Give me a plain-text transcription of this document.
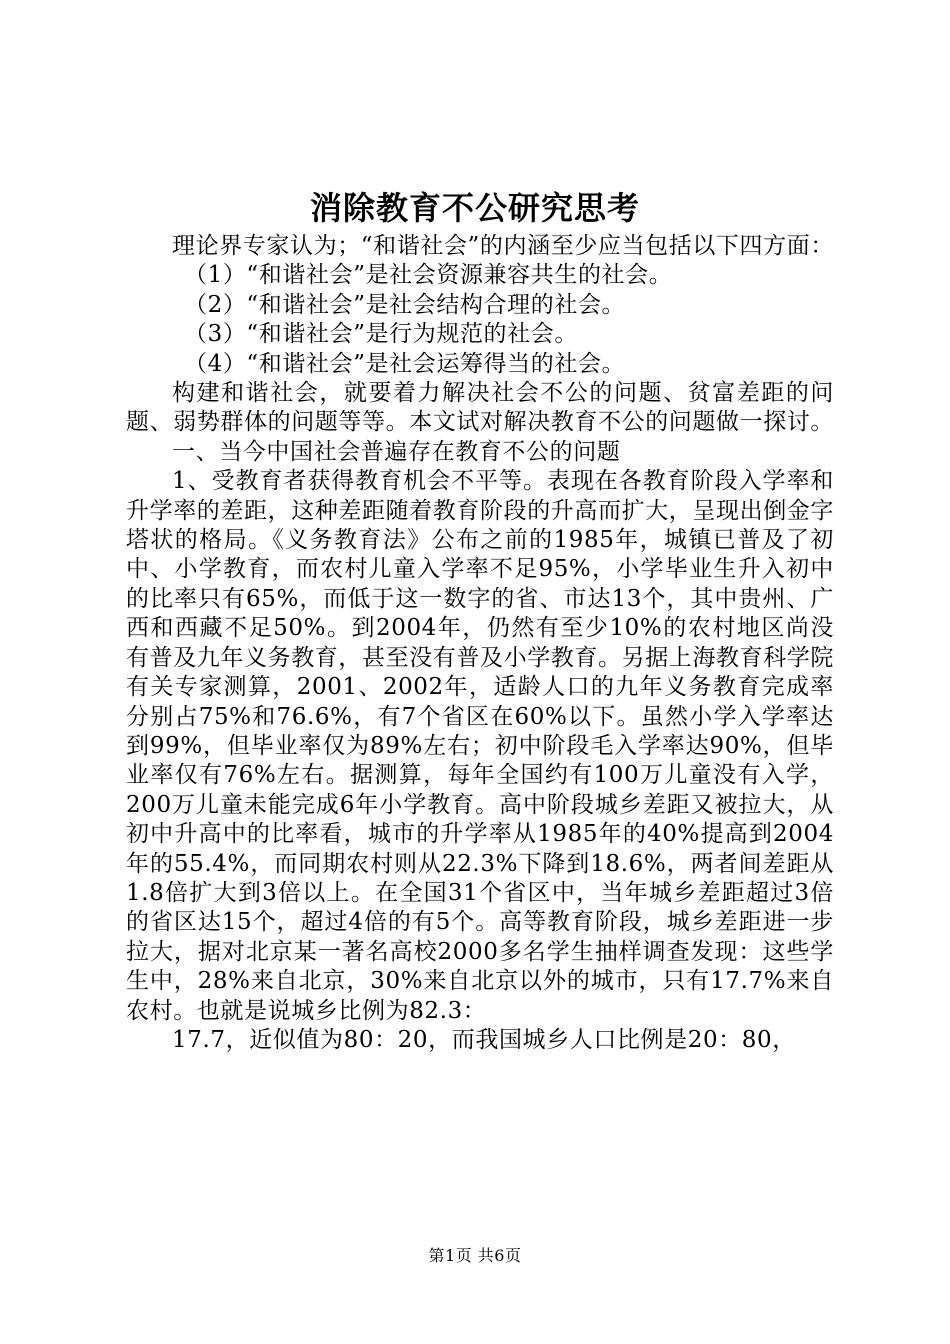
消除教育不公研究思考

理论界专家认为；“和谐社会”的内涵至少应当包括以下四方面：

（1）“和谐社会”是社会资源兼容共生的社会。

（2）“和谐社会”是社会结构合理的社会。

（3）“和谐社会”是行为规范的社会。

（4）“和谐社会”是社会运筹得当的社会。

构建和谐社会，就要着力解决社会不公的问题、贫富差距的问题、弱势群体的问题等等。本文试对解决教育不公的问题做一探讨。

一、当今中国社会普遍存在教育不公的问题

1、受教育者获得教育机会不平等。表现在各教育阶段入学率和升学率的差距，这种差距随着教育阶段的升高而扩大，呈现出倒金字塔状的格局。《义务教育法》公布之前的1985年，城镇已普及了初中、小学教育，而农村儿童入学率不足95%，小学毕业生升入初中的比率只有65%，而低于这一数字的省、市达13个，其中贵州、广西和西藏不足50%。到2004年，仍然有至少10%的农村地区尚没有普及九年义务教育，甚至没有普及小学教育。另据上海教育科学院有关专家测算，2001、2002年，适龄人口的九年义务教育完成率分别占75%和76.6%，有7个省区在60%以下。虽然小学入学率达到99%，但毕业率仅为89%左右；初中阶段毛入学率达90%，但毕业率仅有76%左右。据测算，每年全国约有100万儿童没有入学，200万儿童未能完成6年小学教育。高中阶段城乡差距又被拉大，从初中升高中的比率看，城市的升学率从1985年的40%提高到2004年的55.4%，而同期农村则从22.3%下降到18.6%，两者间差距从1.8倍扩大到3倍以上。在全国31个省区中，当年城乡差距超过3倍的省区达15个，超过4倍的有5个。高等教育阶段，城乡差距进一步拉大，据对北京某一著名高校2000多名学生抽样调查发现：这些学生中，28%来自北京，30%来自北京以外的城市，只有17.7%来自农村。也就是说城乡比例为82.3：

17.7，近似值为80：20，而我国城乡人口比例是20：80，

第1页 共6页
